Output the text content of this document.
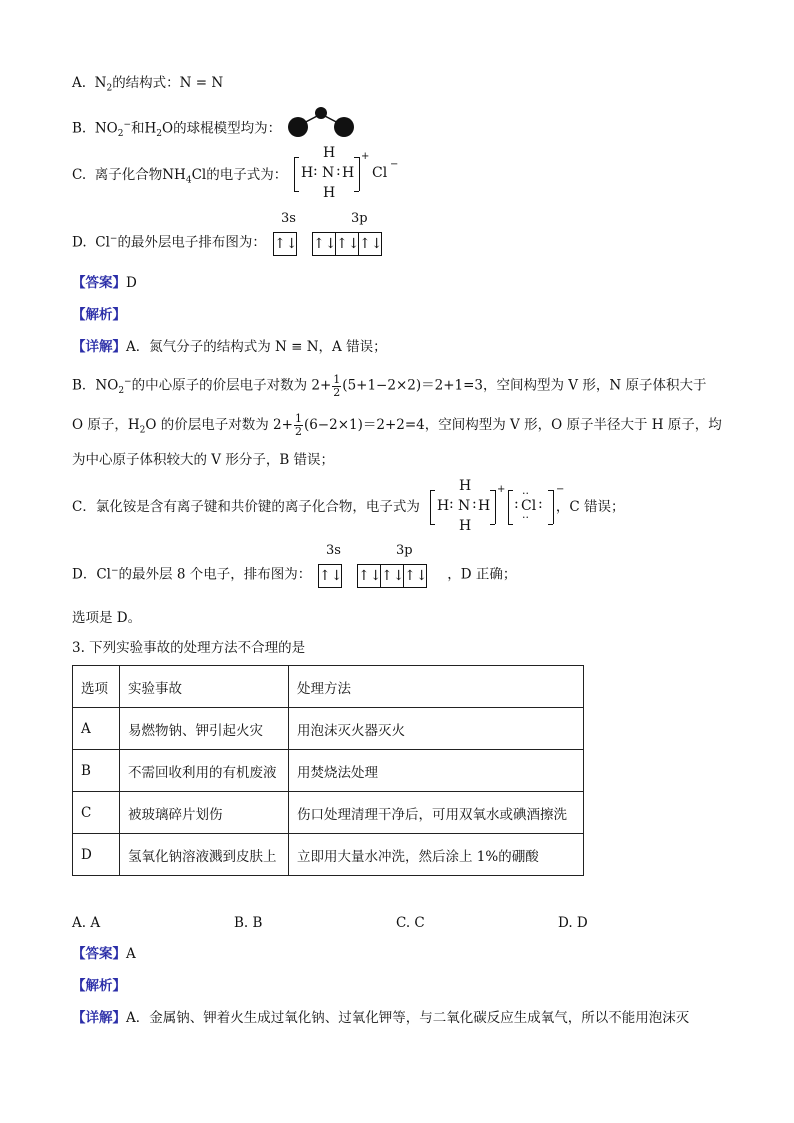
A. $N_2$的结构式：N = N
B. $NO_2^-$和$H_2O$的球棍模型均为：
C. 离子化合物$NH_4Cl$的电子式为：
H
H : N : H
H
+
Cl
−
D. Cl−的最外层电子排布图为：
3s	3p
↑↓ ↑↓↑↓↑↓
【答案】D
【解析】
【详解】A．氮气分子的结构式为 N ≡ N，A 错误；
B．$NO_2^-$的中心原子的价层电子对数为 $2+ \frac{1}{2} (5+1-2\times 2)=2+1=3$，空间构型为 V 形，N 原子体积大于
O 原子，$H_2O$ 的价层电子对数为 $2+ \frac{1}{2} (6-2\times 1)=2+2=4$，空间构型为 V 形，O 原子半径大于 H 原子，均
为中心原子体积较大的 V 形分子，B 错误；
C．氯化铵是含有离子键和共价键的离子化合物，电子式为	，C 错误；
H
H : N : H
H
+ ··
: Cl :
··
−
D．Cl−的最外层 8 个电子，排布图为：	，D 正确；
3s	3p
↑↓ ↑↓↑↓↑↓
选项是 D。
3. 下列实验事故的处理方法不合理的是
选项	实验事故	处理方法
A	易燃物钠、钾引起火灾	用泡沫灭火器灭火
B	不需回收利用的有机废液	用焚烧法处理
C	被玻璃碎片划伤	伤口处理清理干净后，可用双氧水或碘酒擦洗
D	氢氧化钠溶液溅到皮肤上	立即用大量水冲洗，然后涂上 1%的硼酸
A. A	B. B	C. C	D. D
【答案】A
【解析】
【详解】A．金属钠、钾着火生成过氧化钠、过氧化钾等，与二氧化碳反应生成氧气，所以不能用泡沫灭
